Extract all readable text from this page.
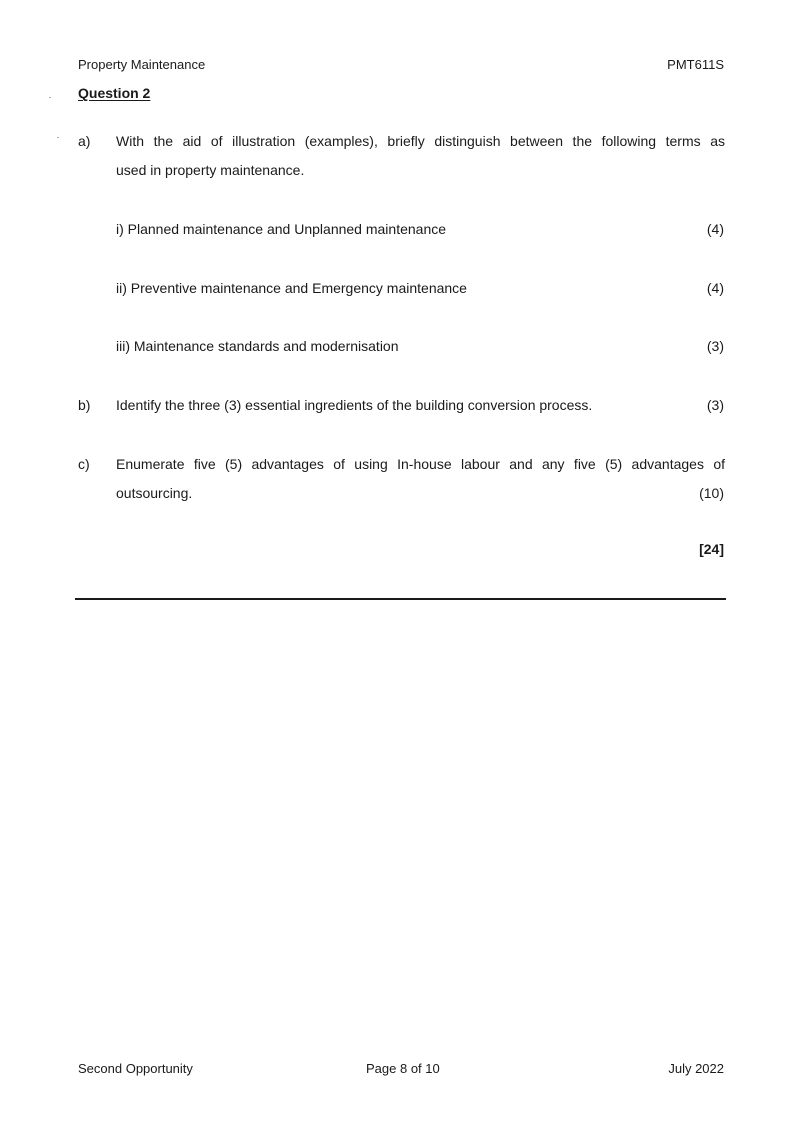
Property Maintenance	PMT611S
Question 2
a) With the aid of illustration (examples), briefly distinguish between the following terms as
used in property maintenance.
i) Planned maintenance and Unplanned maintenance	(4)
ii) Preventive maintenance and Emergency maintenance	(4)
iii) Maintenance standards and modernisation	(3)
b) Identify the three (3) essential ingredients of the building conversion process.	(3)
c) Enumerate five (5) advantages of using In-house labour and any five (5) advantages of
outsourcing.	(10)
[24]
Second Opportunity	Page 8 of 10	July 2022
